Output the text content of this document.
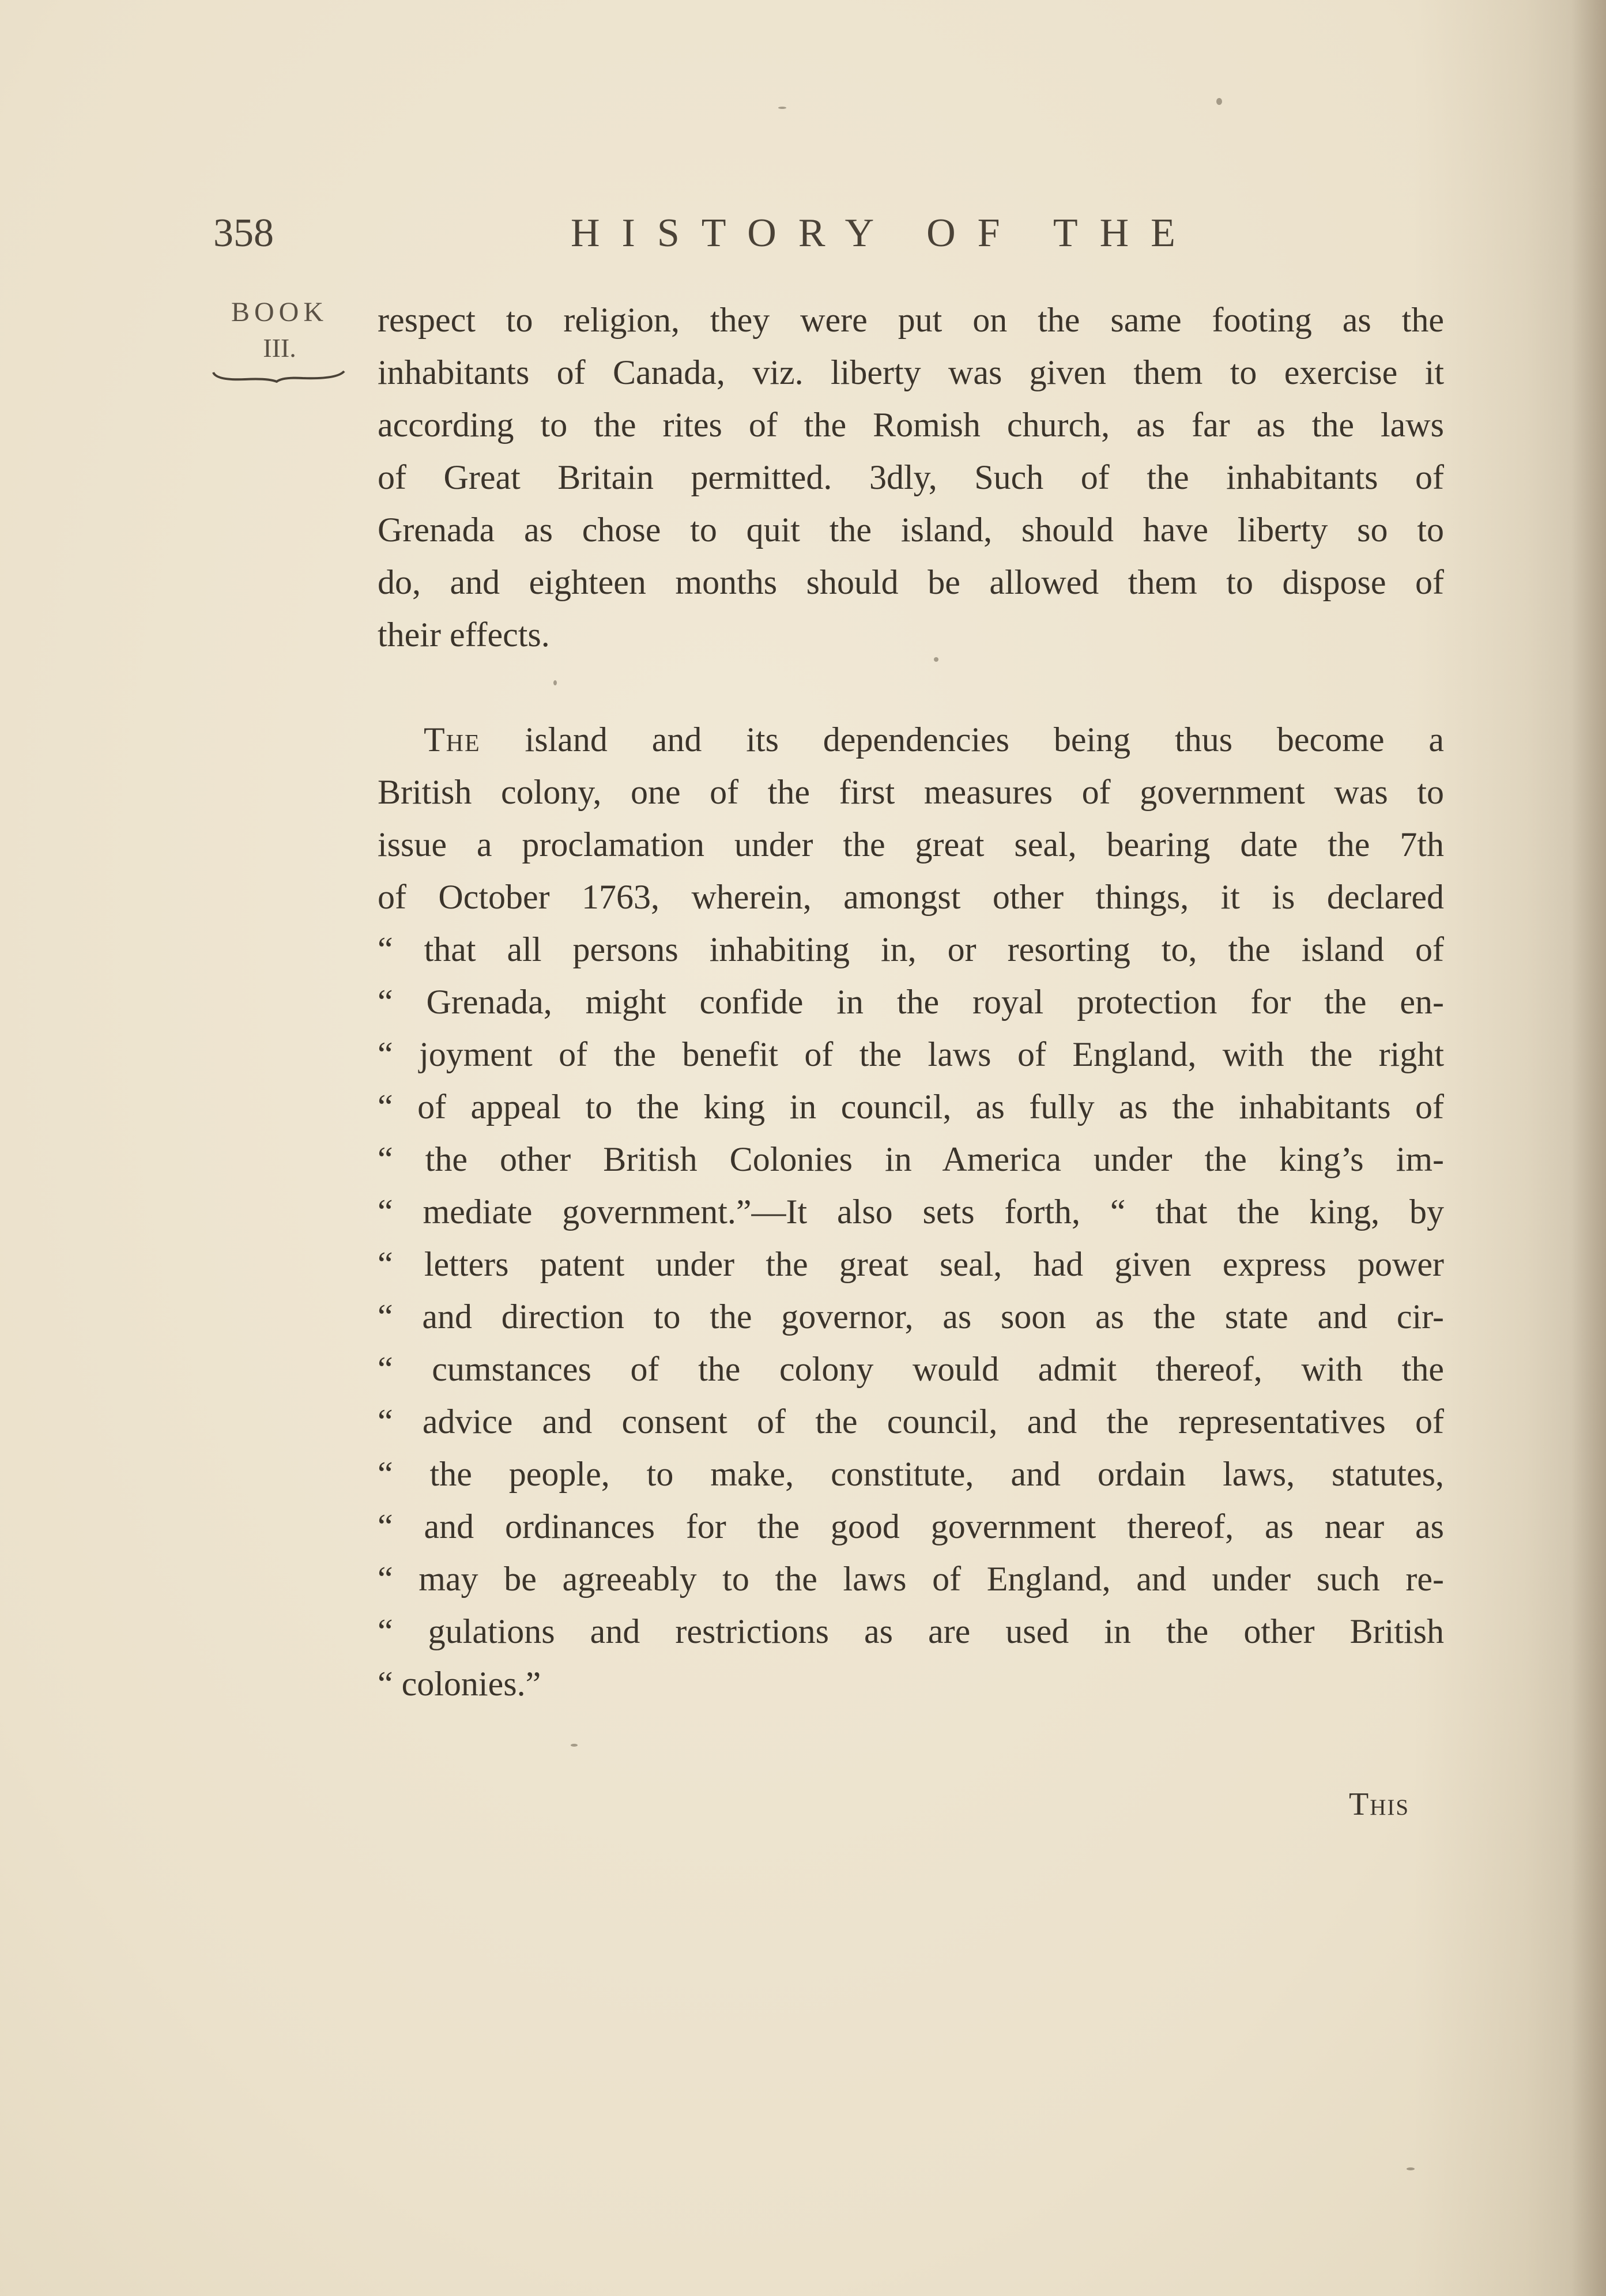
358	HISTORY OF THE
BOOK
III.
respect to religion, they were put on the same footing as the
inhabitants of Canada, viz. liberty was given them to exercise it
according to the rites of the Romish church, as far as the laws
of Great Britain permitted. 3dly, Such of the inhabitants of
Grenada as chose to quit the island, should have liberty so to
do, and eighteen months should be allowed them to dispose of
their effects.
The island and its dependencies being thus become a
British colony, one of the first measures of government was to
issue a proclamation under the great seal, bearing date the 7th
of October 1763, wherein, amongst other things, it is declared
“ that all persons inhabiting in, or resorting to, the island of
“ Grenada, might confide in the royal protection for the en-
“ joyment of the benefit of the laws of England, with the right
“ of appeal to the king in council, as fully as the inhabitants of
“ the other British Colonies in America under the king’s im-
“ mediate government.”—It also sets forth, “ that the king, by
“ letters patent under the great seal, had given express power
“ and direction to the governor, as soon as the state and cir-
“ cumstances of the colony would admit thereof, with the
“ advice and consent of the council, and the representatives of
“ the people, to make, constitute, and ordain laws, statutes,
“ and ordinances for the good government thereof, as near as
“ may be agreeably to the laws of England, and under such re-
“ gulations and restrictions as are used in the other British
“ colonies.”
This
